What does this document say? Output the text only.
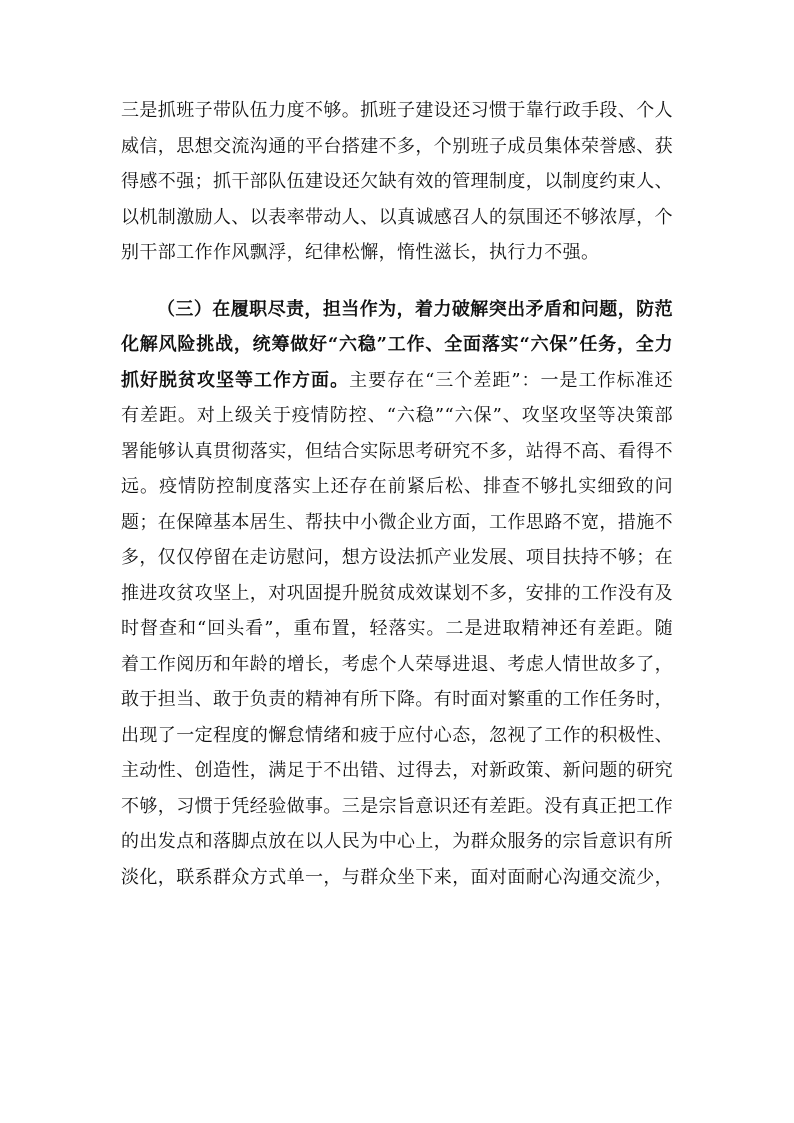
三是抓班子带队伍力度不够。抓班子建设还习惯于靠行政手段、个人威信，思想交流沟通的平台搭建不多，个别班子成员集体荣誉感、获得感不强；抓干部队伍建设还欠缺有效的管理制度，以制度约束人、以机制激励人、以表率带动人、以真诚感召人的氛围还不够浓厚，个别干部工作作风飘浮，纪律松懈，惰性滋长，执行力不强。

（三）在履职尽责，担当作为，着力破解突出矛盾和问题，防范化解风险挑战，统筹做好“六稳”工作、全面落实“六保”任务，全力抓好脱贫攻坚等工作方面。主要存在“三个差距”：一是工作标准还有差距。对上级关于疫情防控、“六稳”“六保”、攻坚攻坚等决策部署能够认真贯彻落实，但结合实际思考研究不多，站得不高、看得不远。疫情防控制度落实上还存在前紧后松、排查不够扎实细致的问题；在保障基本居生、帮扶中小微企业方面，工作思路不宽，措施不多，仅仅停留在走访慰问，想方设法抓产业发展、项目扶持不够；在推进攻贫攻坚上，对巩固提升脱贫成效谋划不多，安排的工作没有及时督查和“回头看”，重布置，轻落实。二是进取精神还有差距。随着工作阅历和年龄的增长，考虑个人荣辱进退、考虑人情世故多了，敢于担当、敢于负责的精神有所下降。有时面对繁重的工作任务时，出现了一定程度的懈怠情绪和疲于应付心态，忽视了工作的积极性、主动性、创造性，满足于不出错、过得去，对新政策、新问题的研究不够，习惯于凭经验做事。三是宗旨意识还有差距。没有真正把工作的出发点和落脚点放在以人民为中心上，为群众服务的宗旨意识有所淡化，联系群众方式单一，与群众坐下来，面对面耐心沟通交流少，
